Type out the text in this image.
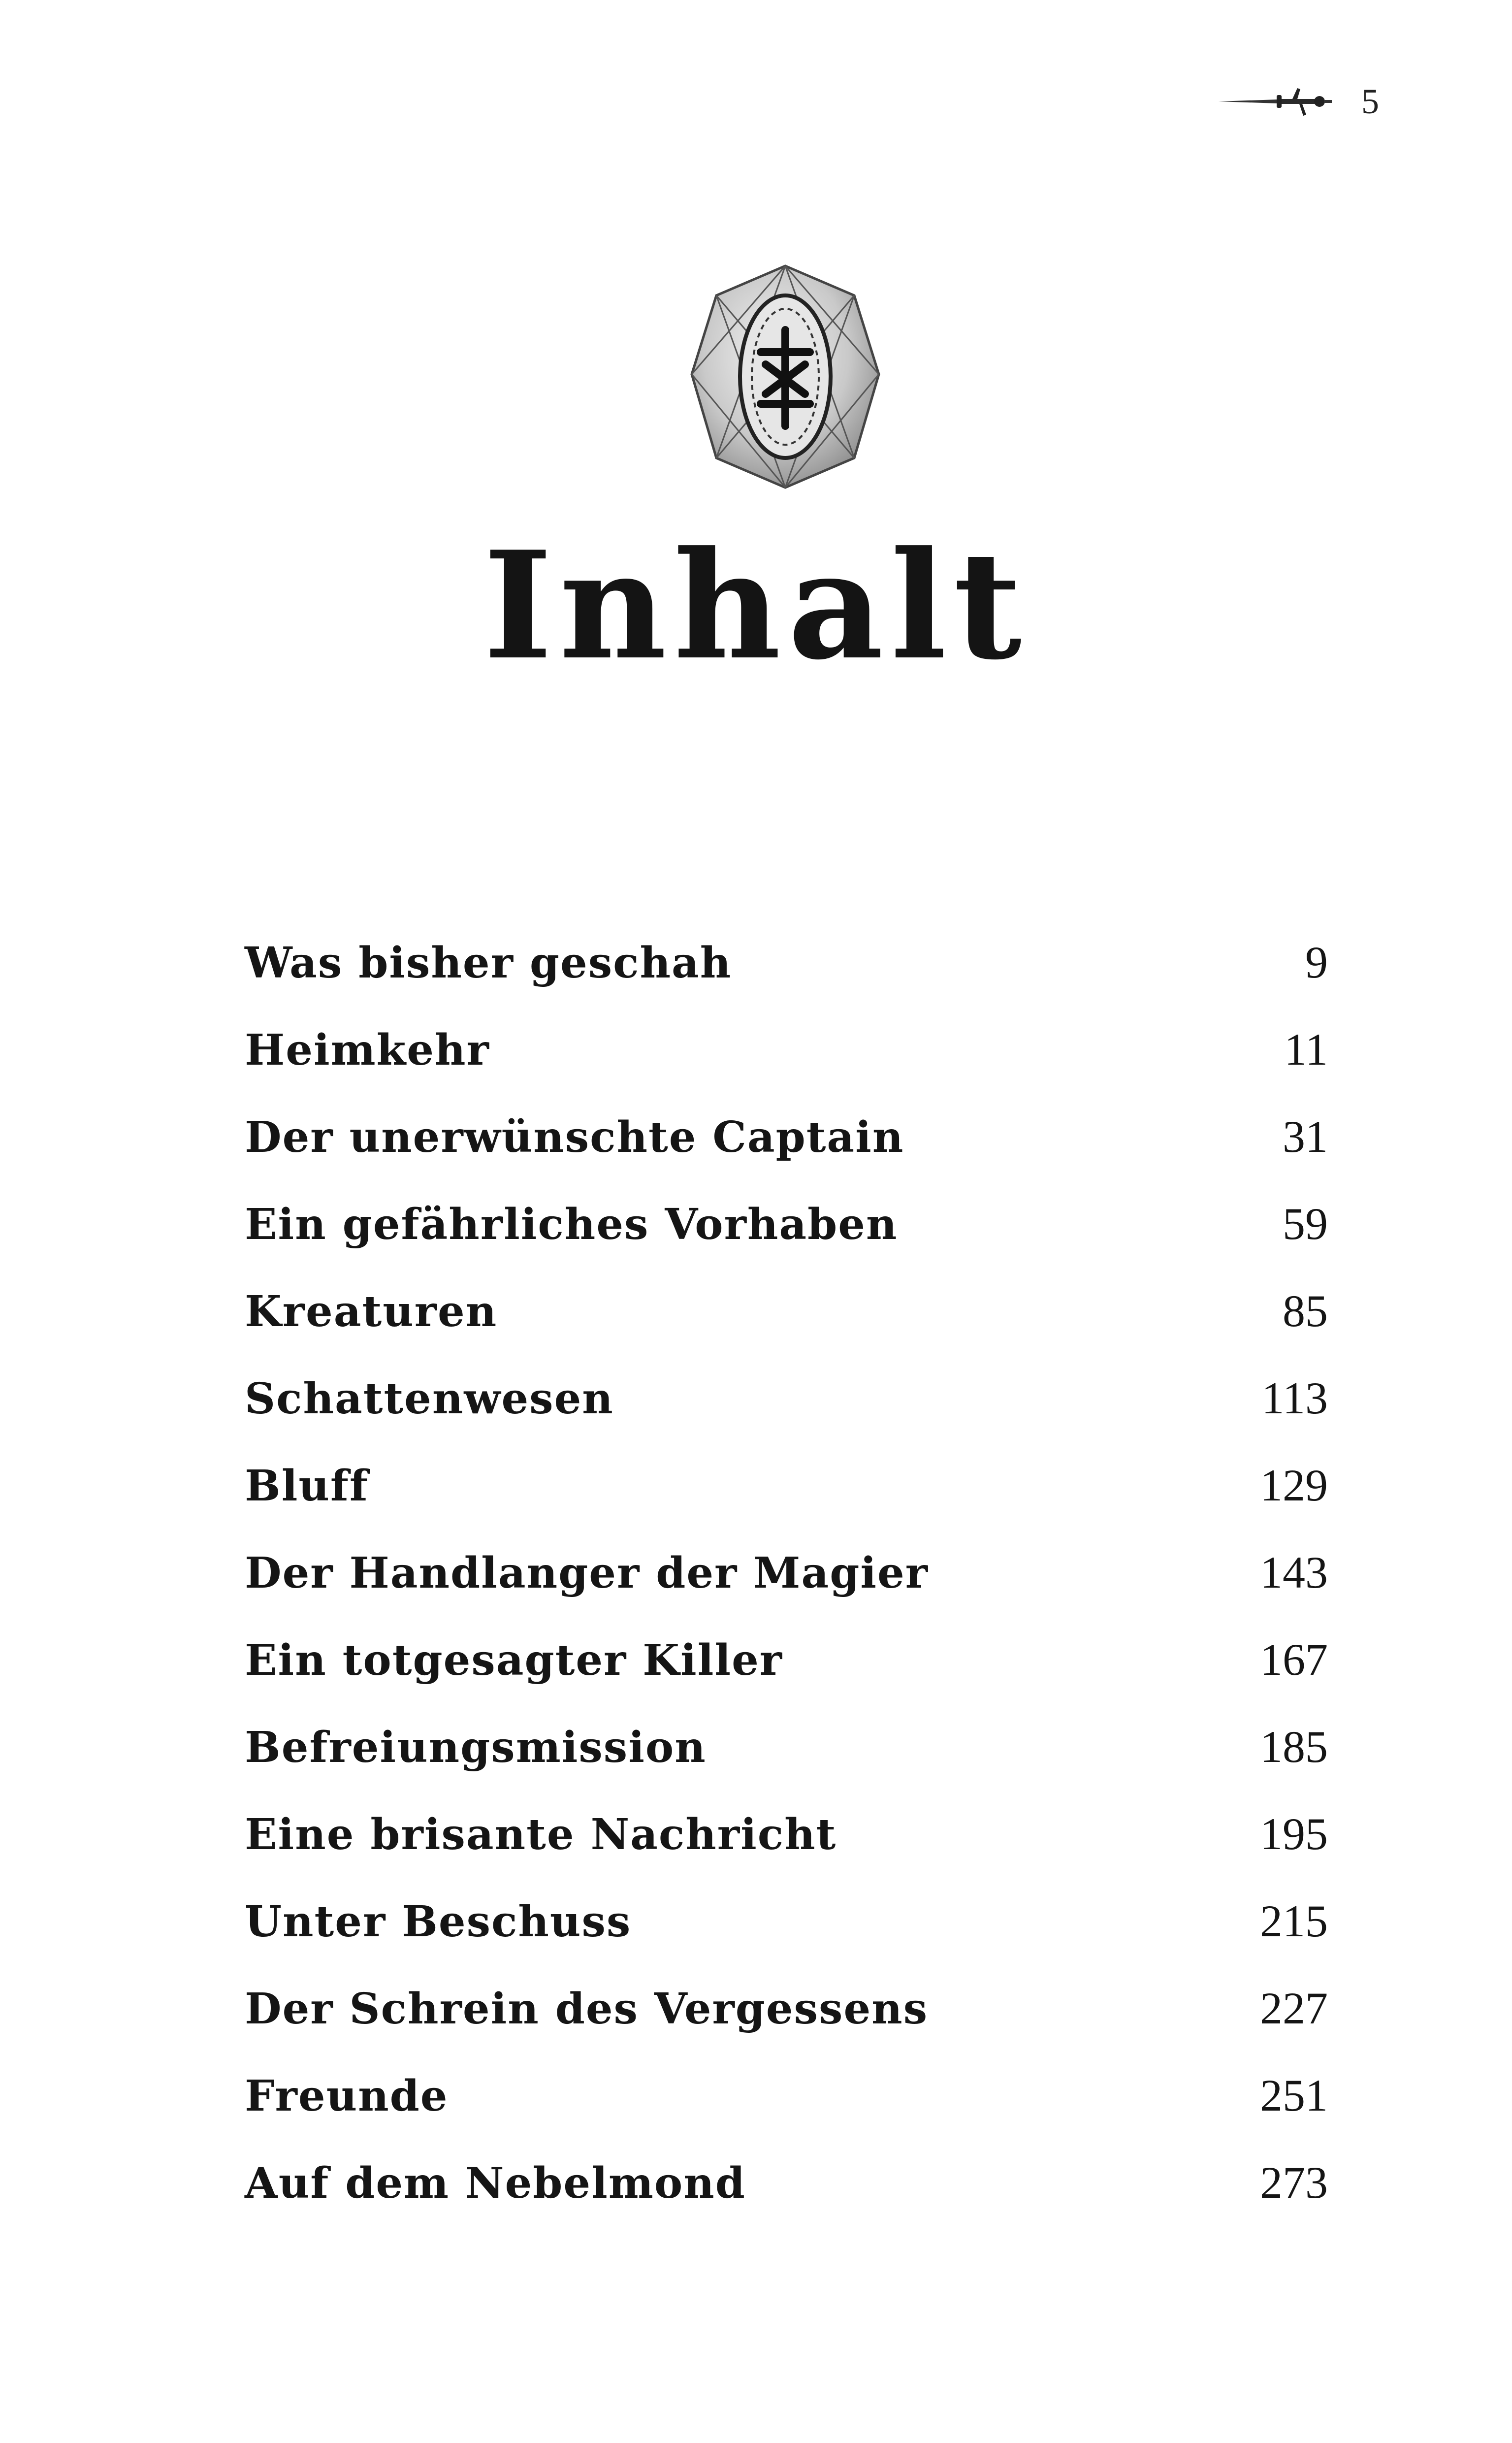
5
Inhalt
Was bisher geschah	9
Heimkehr	11
Der unerwünschte Captain	31
Ein gefährliches Vorhaben	59
Kreaturen	85
Schattenwesen	113
Bluff	129
Der Handlanger der Magier	143
Ein totgesagter Killer	167
Befreiungsmission	185
Eine brisante Nachricht	195
Unter Beschuss	215
Der Schrein des Vergessens	227
Freunde	251
Auf dem Nebelmond	273
